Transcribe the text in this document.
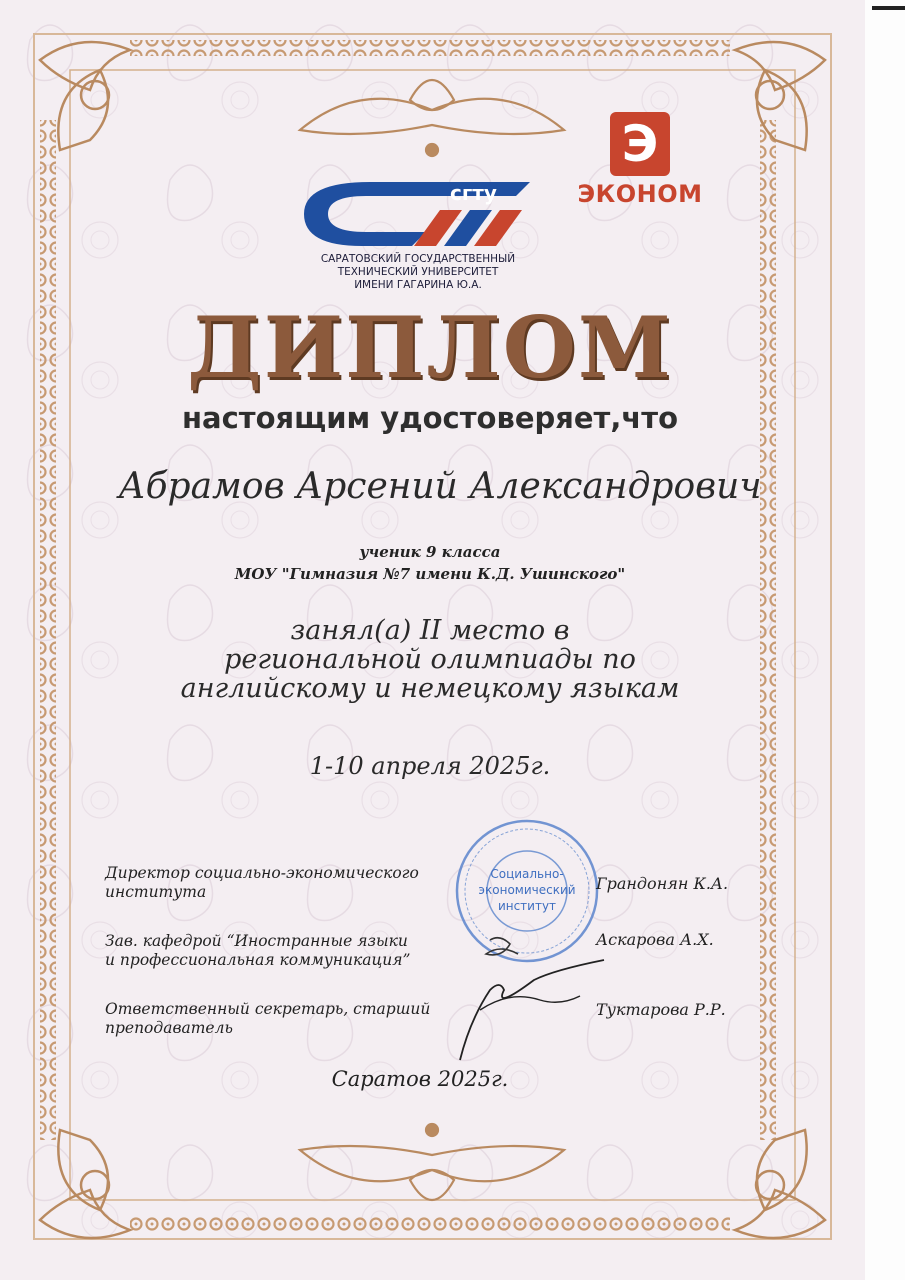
сгту
САРАТОВСКИЙ ГОСУДАРСТВЕННЫЙ
ТЕХНИЧЕСКИЙ УНИВЕРСИТЕТ
ИМЕНИ ГАГАРИНА Ю.А.
Э
ЭКОНОМ
ДИПЛОМ
настоящим удостоверяет,что
Абрамов Арсений Александрович
ученик 9 класса
МОУ "Гимназия №7 имени К.Д. Ушинского"
занял(а) II место в
региональной олимпиады по
английскому и немецкому языкам
1-10 апреля 2025г.
Директор социально-экономического
института
Зав. кафедрой “Иностранные языки
и профессиональная коммуникация”
Ответственный секретарь, старший
преподаватель
Социально-
экономический
институт
Грандонян К.А.
Аскарова А.Х.
Туктарова Р.Р.
Саратов 2025г.
